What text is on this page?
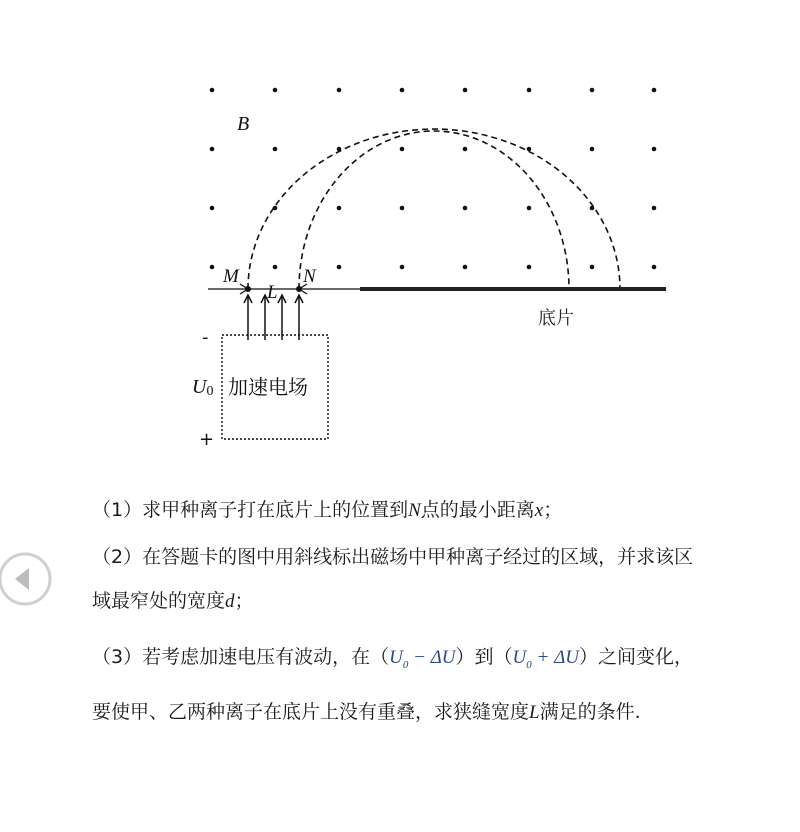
B
M	N
L
底片
加速电场
-
+
U0
（1）求甲种离子打在底片上的位置到N点的最小距离x；
（2）在答题卡的图中用斜线标出磁场中甲种离子经过的区域，并求该区
域最窄处的宽度d；
（3）若考虑加速电压有波动，在$(U_0 - \Delta U)$到$(U_0 + \Delta U)$之间变化，
要使甲、乙两种离子在底片上没有重叠，求狭缝宽度L满足的条件.
